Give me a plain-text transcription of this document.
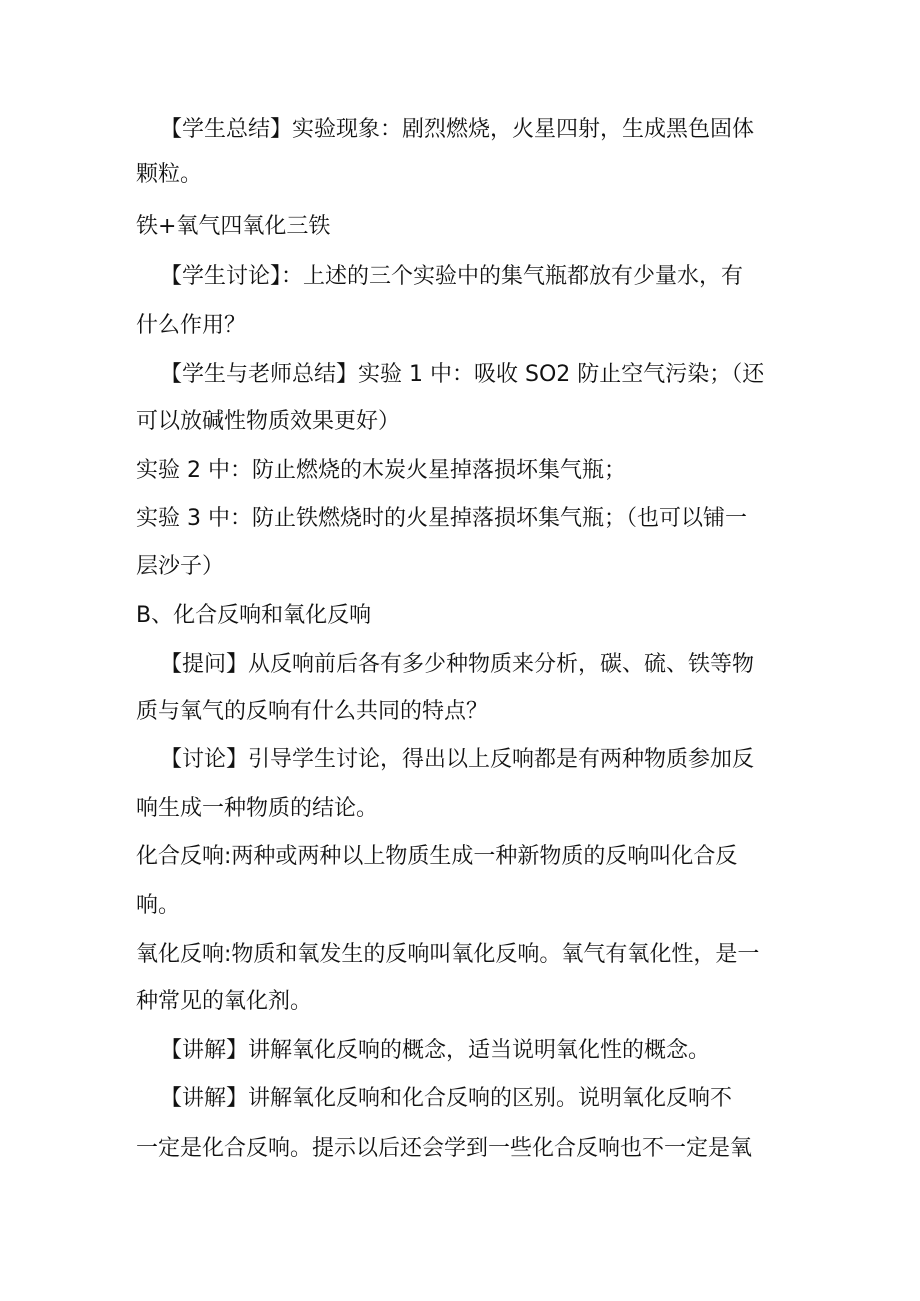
【学生总结】实验现象：剧烈燃烧，火星四射，生成黑色固体
颗粒。
铁+氧气四氧化三铁
【学生讨论】：上述的三个实验中的集气瓶都放有少量水，有
什么作用？
【学生与老师总结】实验 1 中：吸收 SO2 防止空气污染；（还
可以放碱性物质效果更好）
实验 2 中：防止燃烧的木炭火星掉落损坏集气瓶；
实验 3 中：防止铁燃烧时的火星掉落损坏集气瓶；（也可以铺一
层沙子）
B、化合反响和氧化反响
【提问】从反响前后各有多少种物质来分析，碳、硫、铁等物
质与氧气的反响有什么共同的特点？
【讨论】引导学生讨论，得出以上反响都是有两种物质参加反
响生成一种物质的结论。
化合反响:两种或两种以上物质生成一种新物质的反响叫化合反
响。
氧化反响:物质和氧发生的反响叫氧化反响。氧气有氧化性，是一
种常见的氧化剂。
【讲解】讲解氧化反响的概念，适当说明氧化性的概念。
【讲解】讲解氧化反响和化合反响的区别。说明氧化反响不
一定是化合反响。提示以后还会学到一些化合反响也不一定是氧
